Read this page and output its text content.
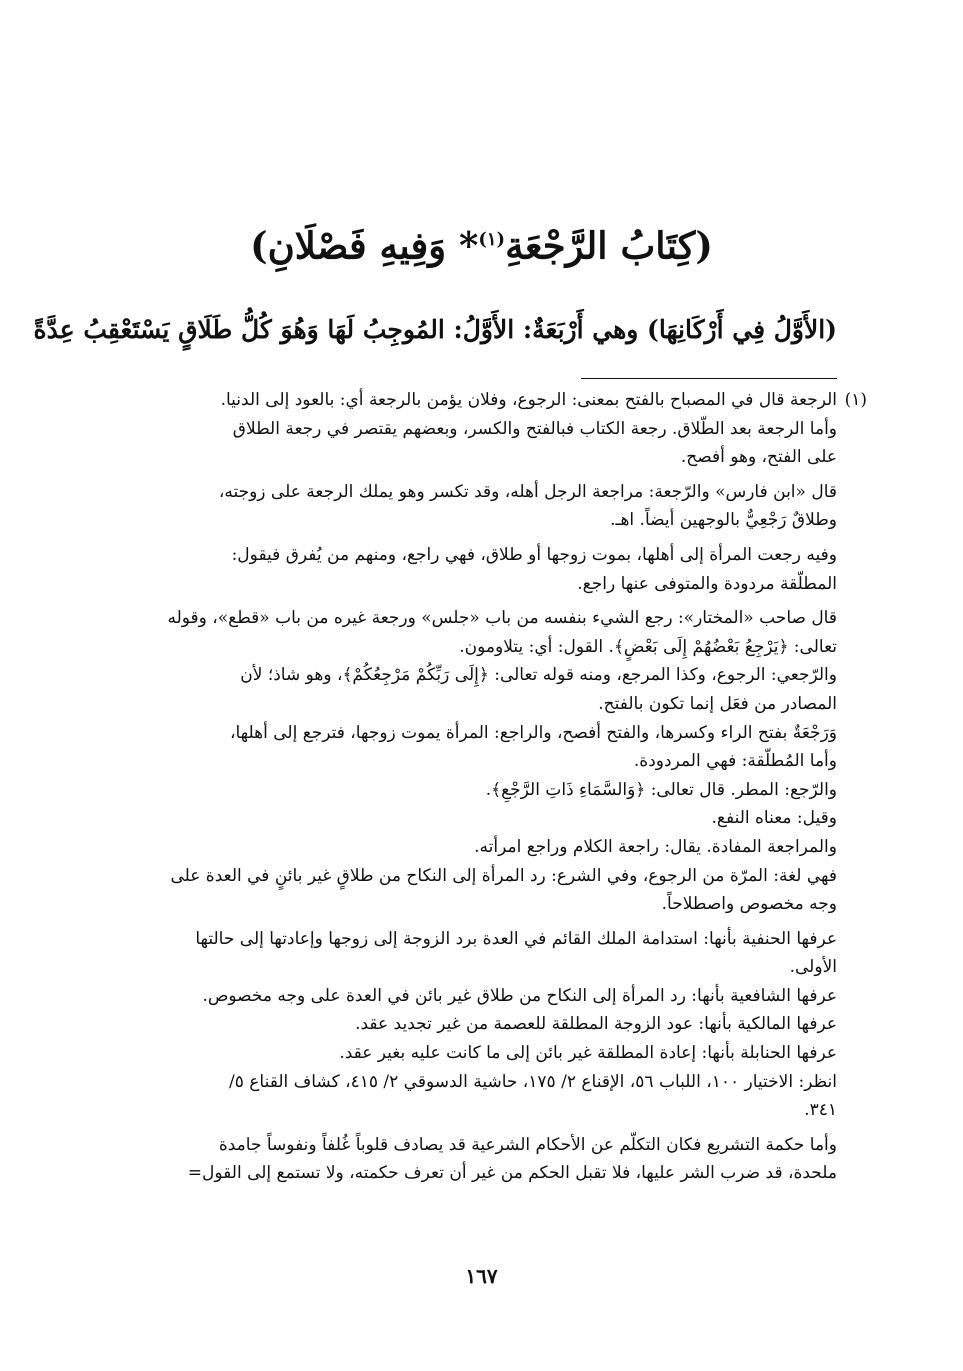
(كِتَابُ الرَّجْعَةِ$^{(١)}$* وَفِيهِ فَصْلَانِ)
(الأَوَّلُ فِي أَرْكَانِهَا) وهي أَرْبَعَةٌ: الأَوَّلُ: المُوجِبُ لَهَا وَهُوَ كُلُّ طَلَاقٍ يَسْتَعْقِبُ عِدَّةً
(١)

الرجعة قال في المصباح بالفتح بمعنى: الرجوع، وفلان يؤمن بالرجعة أي: بالعود إلى الدنيا.

وأما الرجعة بعد الطّلاق. رجعة الكتاب فبالفتح والكسر، وبعضهم يقتصر في رجعة الطلاق

على الفتح، وهو أفصح.

قال «ابن فارس» والرّجعة: مراجعة الرجل أهله، وقد تكسر وهو يملك الرجعة على زوجته،

وطلاقٌ رَجْعِيٌّ بالوجهين أيضاً. اهـ.

وفيه رجعت المرأة إلى أهلها، بموت زوجها أو طلاق، فهي راجع، ومنهم من يُفرق فيقول:

المطلّقة مردودة والمتوفى عنها راجع.

قال صاحب «المختار»: رجع الشيء بنفسه من باب «جلس» ورجعة غيره من باب «قطع»، وقوله

تعالى: ﴿يَرْجِعُ بَعْضُهُمْ إِلَى بَعْضٍ﴾. القول: أي: يتلاومون.

والرّجعي: الرجوع، وكذا المرجع، ومنه قوله تعالى: ﴿إِلَى رَبِّكُمْ مَرْجِعُكُمْ﴾، وهو شاذ؛ لأن

المصادر من فعَل إنما تكون بالفتح.

وَرَجْعَةٌ بفتح الراء وكسرها، والفتح أفصح، والراجع: المرأة يموت زوجها، فترجع إلى أهلها،

وأما المُطلّقة: فهي المردودة.

والرّجع: المطر. قال تعالى: ﴿وَالسَّمَاءِ ذَاتِ الرَّجْعِ﴾.

وقيل: معناه النفع.

والمراجعة المفادة. يقال: راجعة الكلام وراجع امرأته.

فهي لغة: المرّة من الرجوع، وفي الشرع: رد المرأة إلى النكاح من طلاقٍ غير بائنٍ في العدة على

وجه مخصوص واصطلاحاً.

عرفها الحنفية بأنها: استدامة الملك القائم في العدة برد الزوجة إلى زوجها وإعادتها إلى حالتها

الأولى.

عرفها الشافعية بأنها: رد المرأة إلى النكاح من طلاق غير بائن في العدة على وجه مخصوص.

عرفها المالكية بأنها: عود الزوجة المطلقة للعصمة من غير تجديد عقد.

عرفها الحنابلة بأنها: إعادة المطلقة غير بائن إلى ما كانت عليه بغير عقد.

انظر: الاختيار ١٠٠، اللباب ٥٦، الإقناع ٢/ ١٧٥، حاشية الدسوقي ٢/ ٤١٥، كشاف القناع ٥/

٣٤١.

وأما حكمة التشريع فكان التكلّم عن الأحكام الشرعية قد يصادف قلوباً غُلفاً ونفوساً جامدة

ملحدة، قد ضرب الشر عليها، فلا تقبل الحكم من غير أن تعرف حكمته، ولا تستمع إلى القول=

١٦٧
